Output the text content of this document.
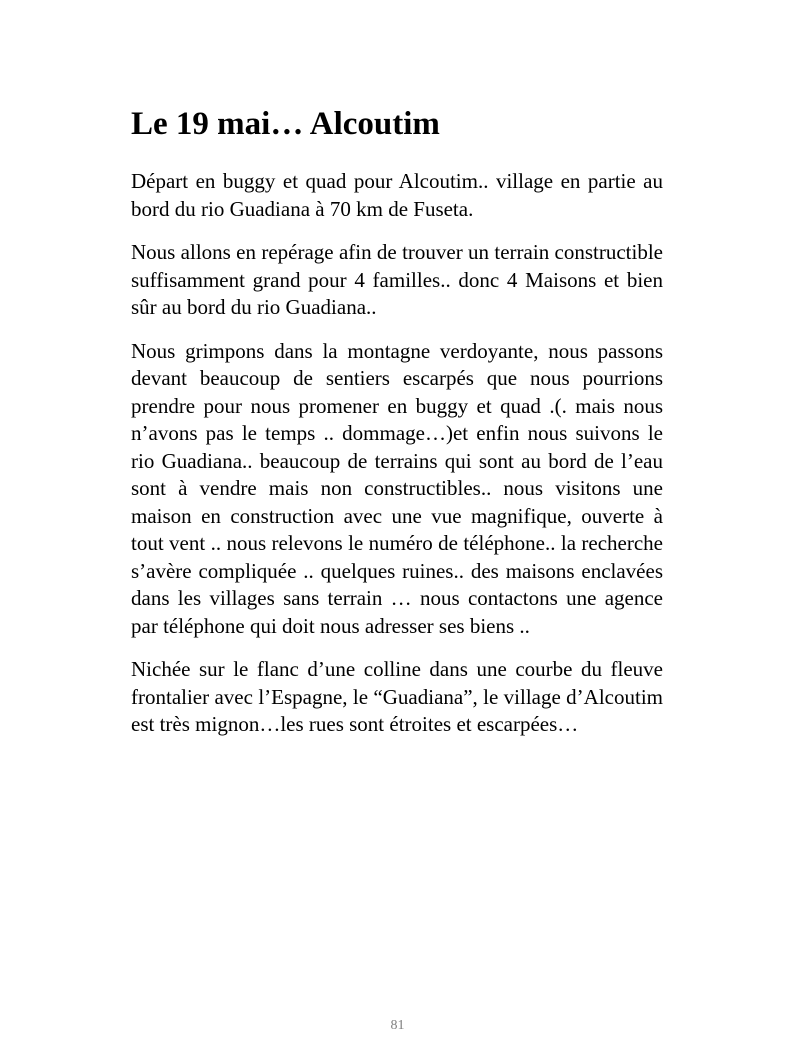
Le 19 mai… Alcoutim

Départ en buggy et quad pour Alcoutim.. village en partie au bord du rio Guadiana à 70 km de Fuseta.

Nous allons en repérage afin de trouver un terrain constructible suffisamment grand pour 4 familles.. donc 4 Maisons et bien sûr au bord du rio Guadiana..

Nous grimpons dans la montagne verdoyante, nous passons devant beaucoup de sentiers escarpés que nous pourrions prendre pour nous promener en buggy et quad .(. mais nous n’avons pas le temps .. dommage…)et enfin nous suivons le rio Guadiana.. beaucoup de terrains qui sont au bord de l’eau sont à vendre mais non constructibles.. nous visitons une maison en construction avec une vue magnifique, ouverte à tout vent .. nous relevons le numéro de téléphone.. la recherche s’avère compliquée .. quelques ruines.. des maisons enclavées dans les villages sans terrain … nous contactons une agence par téléphone qui doit nous adresser ses biens ..

Nichée sur le flanc d’une colline dans une courbe du fleuve frontalier avec l’Espagne, le “Guadiana”, le village d’Alcoutim est très mignon…les rues sont étroites et escarpées…

81
